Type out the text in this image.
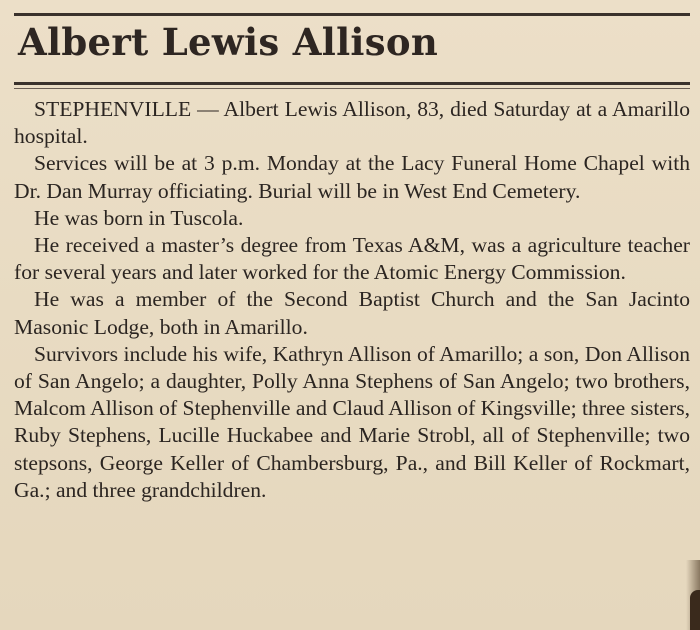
Albert Lewis Allison

STEPHENVILLE — Albert Lewis Allison, 83, died Saturday at a Amarillo hospital.

Services will be at 3 p.m. Monday at the Lacy Funeral Home Chapel with Dr. Dan Murray officiating. Burial will be in West End Cemetery.

He was born in Tuscola.

He received a master’s degree from Texas A&M, was a agriculture teacher for several years and later worked for the Atomic Energy Commission.

He was a member of the Second Baptist Church and the San Jacinto Masonic Lodge, both in Amarillo.

Survivors include his wife, Kathryn Allison of Amarillo; a son, Don Allison of San Angelo; a daughter, Polly Anna Stephens of San Angelo; two brothers, Malcom Allison of Stephenville and Claud Allison of Kingsville; three sisters, Ruby Stephens, Lucille Huckabee and Marie Strobl, all of Stephenville; two stepsons, George Keller of Chambersburg, Pa., and Bill Keller of Rockmart, Ga.; and three grandchildren.
